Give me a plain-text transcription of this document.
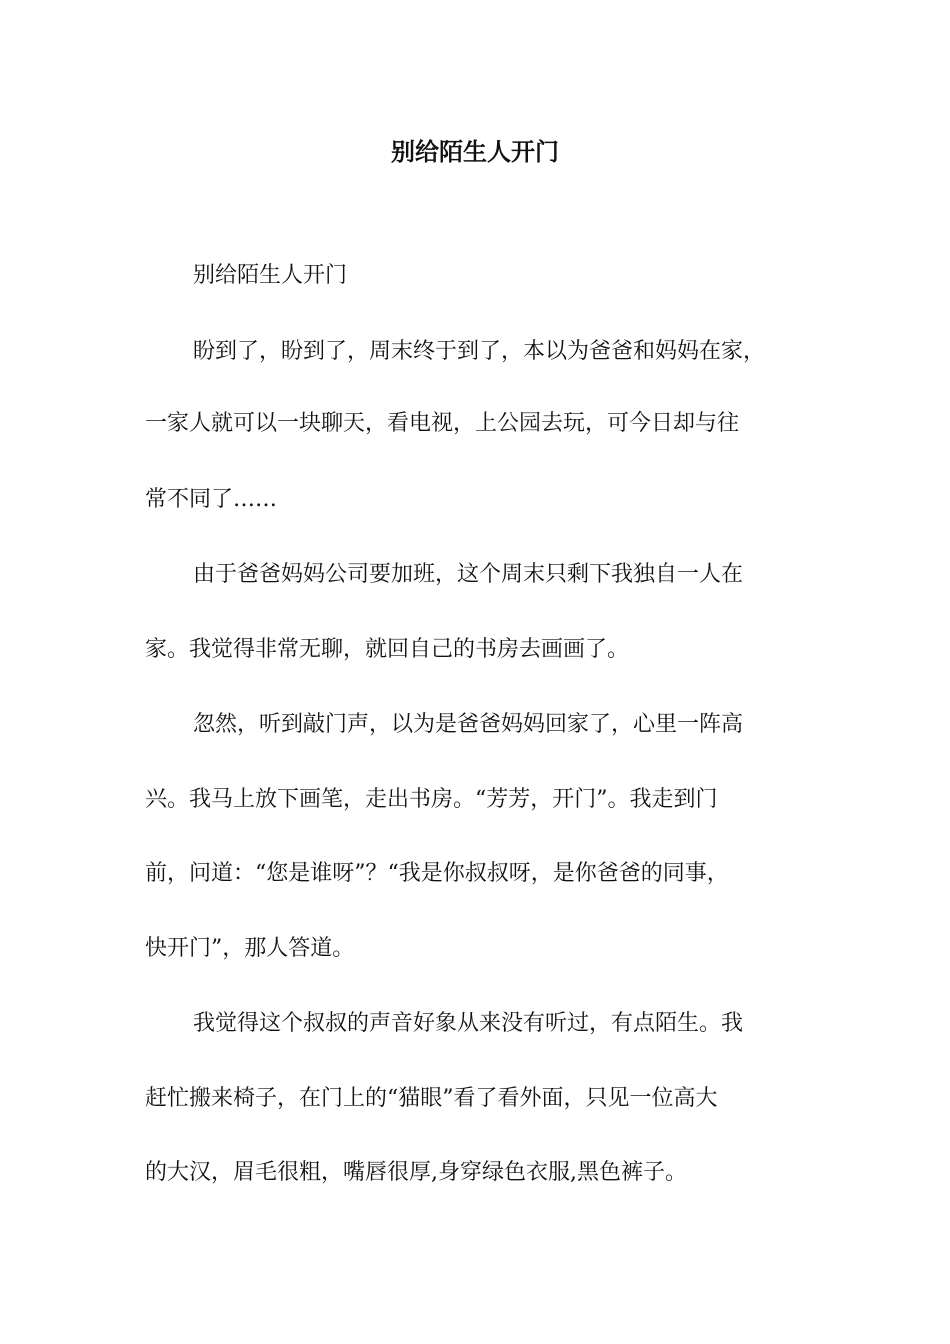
别给陌生人开门

别给陌生人开门

盼到了，盼到了，周末终于到了，本以为爸爸和妈妈在家，

一家人就可以一块聊天，看电视，上公园去玩，可今日却与往

常不同了……

由于爸爸妈妈公司要加班，这个周末只剩下我独自一人在

家。我觉得非常无聊，就回自己的书房去画画了。

忽然，听到敲门声，以为是爸爸妈妈回家了，心里一阵高

兴。我马上放下画笔，走出书房。“芳芳，开门”。我走到门

前，问道：“您是谁呀”？“我是你叔叔呀，是你爸爸的同事，

快开门”，那人答道。

我觉得这个叔叔的声音好象从来没有听过，有点陌生。我

赶忙搬来椅子，在门上的“猫眼”看了看外面，只见一位高大

的大汉，眉毛很粗，嘴唇很厚,身穿绿色衣服,黑色裤子。
